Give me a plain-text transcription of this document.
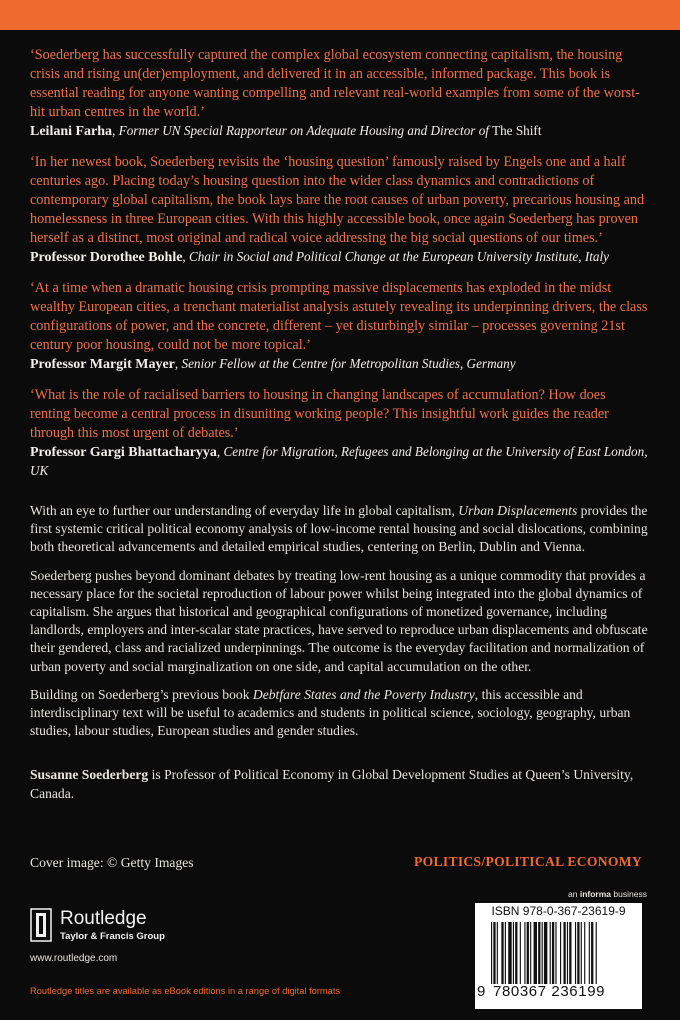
‘Soederberg has successfully captured the complex global ecosystem connecting capitalism, the housing crisis and rising un(der)employment, and delivered it in an accessible, informed package. This book is essential reading for anyone wanting compelling and relevant real-world examples from some of the worst-hit urban centres in the world.’

Leilani Farha, Former UN Special Rapporteur on Adequate Housing and Director of The Shift

‘In her newest book, Soederberg revisits the ‘housing question’ famously raised by Engels one and a half centuries ago. Placing today’s housing question into the wider class dynamics and contradictions of contemporary global capitalism, the book lays bare the root causes of urban poverty, precarious housing and homelessness in three European cities. With this highly accessible book, once again Soederberg has proven herself as a distinct, most original and radical voice addressing the big social questions of our times.’

Professor Dorothee Bohle, Chair in Social and Political Change at the European University Institute, Italy

‘At a time when a dramatic housing crisis prompting massive displacements has exploded in the midst wealthy European cities, a trenchant materialist analysis astutely revealing its underpinning drivers, the class configurations of power, and the concrete, different – yet disturbingly similar – processes governing 21st century poor housing, could not be more topical.’

Professor Margit Mayer, Senior Fellow at the Centre for Metropolitan Studies, Germany

‘What is the role of racialised barriers to housing in changing landscapes of accumulation? How does renting become a central process in disuniting working people? This insightful work guides the reader through this most urgent of debates.’

Professor Gargi Bhattacharyya, Centre for Migration, Refugees and Belonging at the University of East London, UK

With an eye to further our understanding of everyday life in global capitalism, Urban Displacements provides the first systemic critical political economy analysis of low-income rental housing and social dislocations, combining both theoretical advancements and detailed empirical studies, centering on Berlin, Dublin and Vienna.

Soederberg pushes beyond dominant debates by treating low-rent housing as a unique commodity that provides a necessary place for the societal reproduction of labour power whilst being integrated into the global dynamics of capitalism. She argues that historical and geographical configurations of monetized governance, including landlords, employers and inter-scalar state practices, have served to reproduce urban displacements and obfuscate their gendered, class and racialized underpinnings. The outcome is the everyday facilitation and normalization of urban poverty and social marginalization on one side, and capital accumulation on the other.

Building on Soederberg’s previous book Debtfare States and the Poverty Industry, this accessible and interdisciplinary text will be useful to academics and students in political science, sociology, geography, urban studies, labour studies, European studies and gender studies.

Susanne Soederberg is Professor of Political Economy in Global Development Studies at Queen’s University, Canada.

Cover image: © Getty Images	POLITICS/POLITICAL ECONOMY
Routledge
Taylor & Francis Group
www.routledge.com
Routledge titles are available as eBook editions in a range of digital formats
an informa business
ISBN 978-0-367-23619-9
9 780367 236199
